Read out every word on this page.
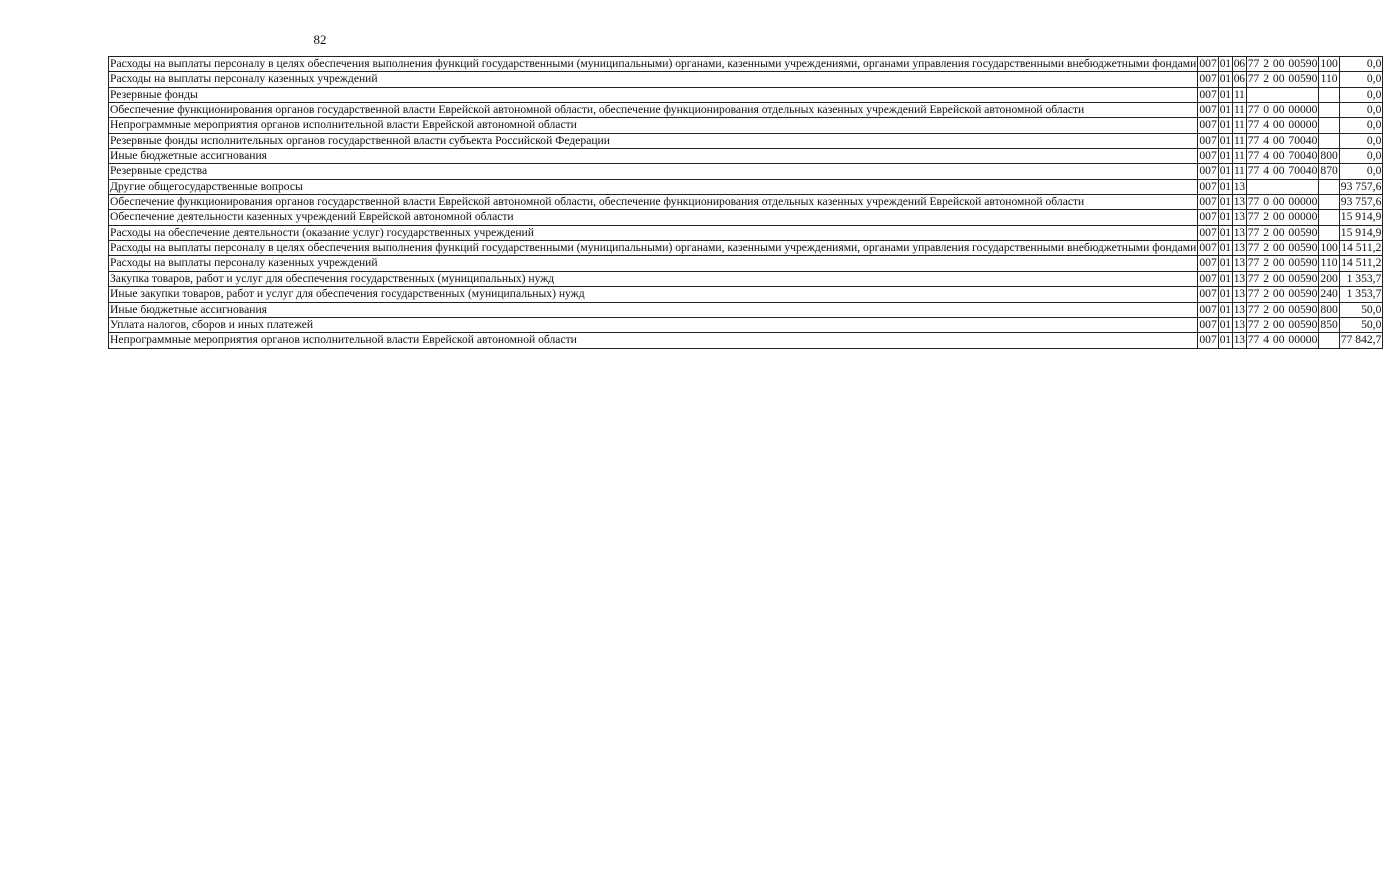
82
Расходы на выплаты персоналу в целях обеспечения выполнения функций государственными (муниципальными) органами, казенными учреждениями, органами управления государственными внебюджетными фондами	007	01	06	77 2 00 00590	100	0,0
Расходы на выплаты персоналу казенных учреждений	007	01	06	77 2 00 00590	110	0,0
Резервные фонды	007	01	11			0,0
Обеспечение функционирования органов государственной власти Еврейской автономной области, обеспечение функционирования отдельных казенных учреждений Еврейской автономной области	007	01	11	77 0 00 00000		0,0
Непрограммные мероприятия органов исполнительной власти Еврейской автономной области	007	01	11	77 4 00 00000		0,0
Резервные фонды исполнительных органов государственной власти субъекта Российской Федерации	007	01	11	77 4 00 70040		0,0
Иные бюджетные ассигнования	007	01	11	77 4 00 70040	800	0,0
Резервные средства	007	01	11	77 4 00 70040	870	0,0
Другие общегосударственные вопросы	007	01	13			93 757,6
Обеспечение функционирования органов государственной власти Еврейской автономной области, обеспечение функционирования отдельных казенных учреждений Еврейской автономной области	007	01	13	77 0 00 00000		93 757,6
Обеспечение деятельности казенных учреждений Еврейской автономной области	007	01	13	77 2 00 00000		15 914,9
Расходы на обеспечение деятельности (оказание услуг) государственных учреждений	007	01	13	77 2 00 00590		15 914,9
Расходы на выплаты персоналу в целях обеспечения выполнения функций государственными (муниципальными) органами, казенными учреждениями, органами управления государственными внебюджетными фондами	007	01	13	77 2 00 00590	100	14 511,2
Расходы на выплаты персоналу казенных учреждений	007	01	13	77 2 00 00590	110	14 511,2
Закупка товаров, работ и услуг для обеспечения государственных (муниципальных) нужд	007	01	13	77 2 00 00590	200	1 353,7
Иные закупки товаров, работ и услуг для обеспечения государственных (муниципальных) нужд	007	01	13	77 2 00 00590	240	1 353,7
Иные бюджетные ассигнования	007	01	13	77 2 00 00590	800	50,0
Уплата налогов, сборов и иных платежей	007	01	13	77 2 00 00590	850	50,0
Непрограммные мероприятия органов исполнительной власти Еврейской автономной области	007	01	13	77 4 00 00000		77 842,7
